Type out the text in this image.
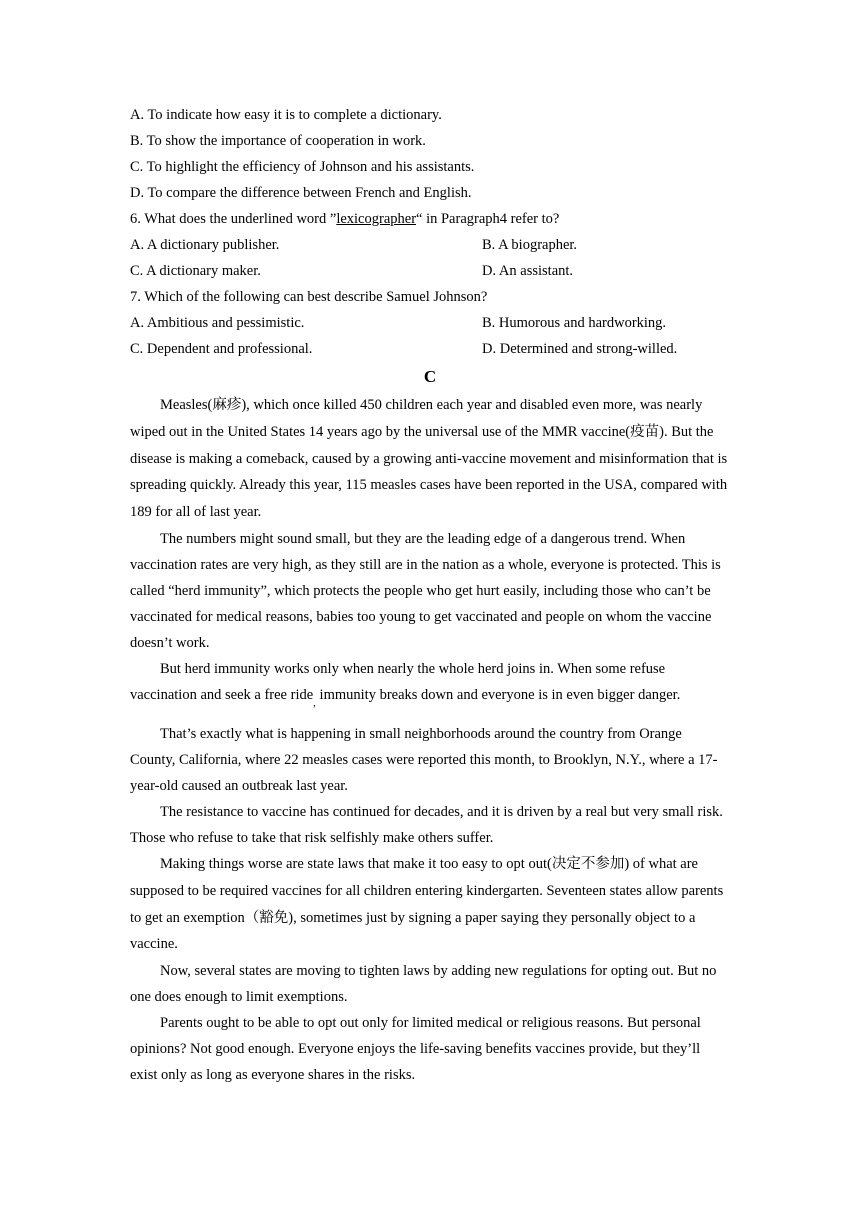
A. To indicate how easy it is to complete a dictionary.
B. To show the importance of cooperation in work.
C. To highlight the efficiency of Johnson and his assistants.
D. To compare the difference between French and English.
6. What does the underlined word ”lexicographer“ in Paragraph4 refer to?
A. A dictionary publisher.	B. A biographer.
C. A dictionary maker.	D. An assistant.
7. Which of the following can best describe Samuel Johnson?
A. Ambitious and pessimistic.	B. Humorous and hardworking.
C. Dependent and professional.	D. Determined and strong-willed.
C

Measles(麻疹), which once killed 450 children each year and disabled even more, was nearly wiped out in the United States 14 years ago by the universal use of the MMR vaccine(疫苗). But the disease is making a comeback, caused by a growing anti-vaccine movement and misinformation that is spreading quickly. Already this year, 115 measles cases have been reported in the USA, compared with 189 for all of last year.

The numbers might sound small, but they are the leading edge of a dangerous trend. When vaccination rates are very high, as they still are in the nation as a whole, everyone is protected. This is called “herd immunity”, which protects the people who get hurt easily, including those who can’t be vaccinated for medical reasons, babies too young to get vaccinated and people on whom the vaccine doesn’t work.

But herd immunity works only when nearly the whole herd joins in. When some refuse vaccination and seek a free ride$_,$ immunity breaks down and everyone is in even bigger danger.

That’s exactly what is happening in small neighborhoods around the country from Orange County, California, where 22 measles cases were reported this month, to Brooklyn, N.Y., where a 17-year-old caused an outbreak last year.

The resistance to vaccine has continued for decades, and it is driven by a real but very small risk. Those who refuse to take that risk selfishly make others suffer.

Making things worse are state laws that make it too easy to opt out(决定不参加) of what are supposed to be required vaccines for all children entering kindergarten. Seventeen states allow parents to get an exemption（豁免), sometimes just by signing a paper saying they personally object to a vaccine.

Now, several states are moving to tighten laws by adding new regulations for opting out. But no one does enough to limit exemptions.

Parents ought to be able to opt out only for limited medical or religious reasons. But personal opinions? Not good enough. Everyone enjoys the life-saving benefits vaccines provide, but they’ll exist only as long as everyone shares in the risks.
